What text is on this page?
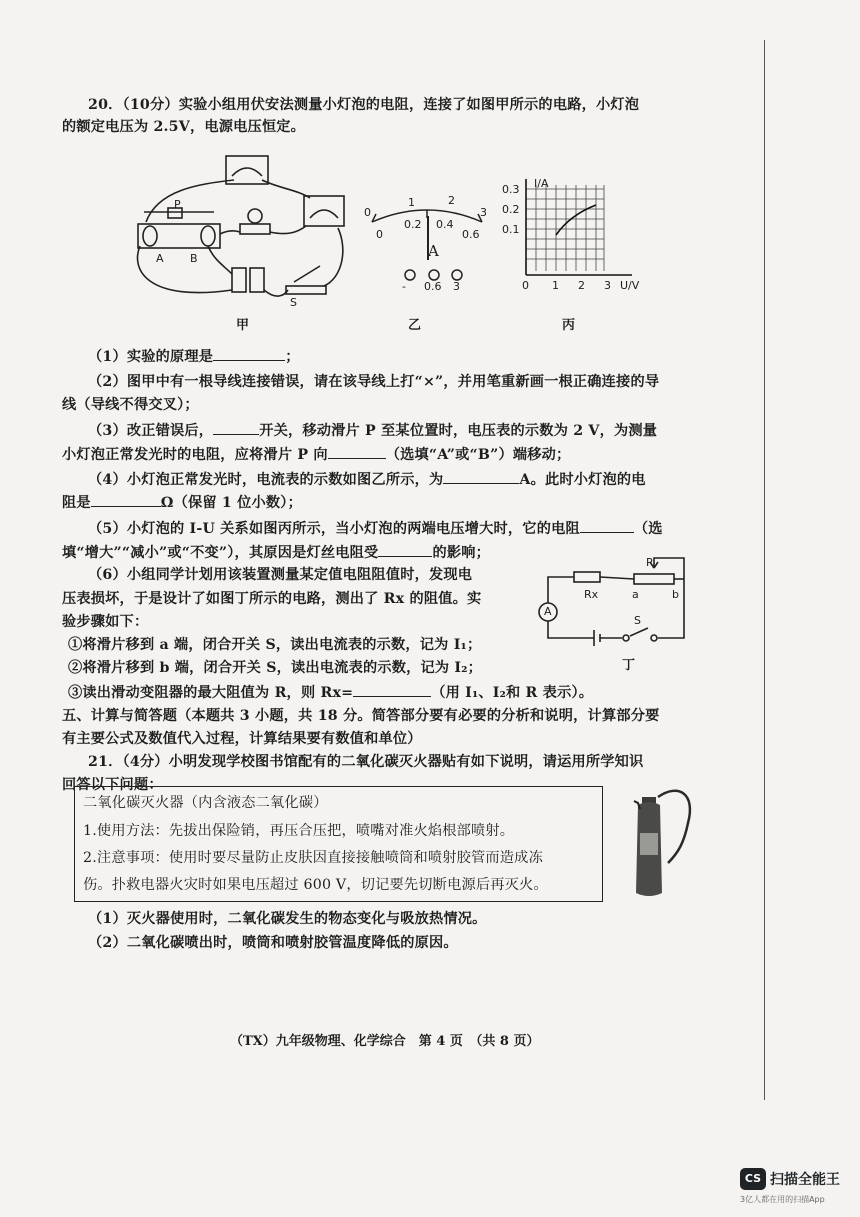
20．（10分）实验小组用伏安法测量小灯泡的电阻，连接了如图甲所示的电路，小灯泡
的额定电压为 2.5V，电源电压恒定。
P
A B
S
甲
0
1	2
3
0
0.2 0.4
0.6
A
- 0.6 3
乙
I/A
0.3
0.2
0.1
0 1 2 3 U/V
丙
（1）实验的原理是	；
（2）图甲中有一根导线连接错误，请在该导线上打“×”，并用笔重新画一根正确连接的导
线（导线不得交叉）；
（3）改正错误后，	开关，移动滑片 P 至某位置时，电压表的示数为 2 V，为测量
小灯泡正常发光时的电阻，应将滑片 P 向	（选填“A”或“B”）端移动；
（4）小灯泡正常发光时，电流表的示数如图乙所示，为	A。此时小灯泡的电
阻是	Ω（保留 1 位小数）；
（5）小灯泡的 I-U 关系如图丙所示，当小灯泡的两端电压增大时，它的电阻	（选
填“增大”“减小”或“不变”），其原因是灯丝电阻受	的影响；
（6）小组同学计划用该装置测量某定值电阻阻值时，发现电
压表损坏，于是设计了如图丁所示的电路，测出了 Rx 的阻值。实
验步骤如下：
①将滑片移到 a 端，闭合开关 S，读出电流表的示数，记为 I₁；
②将滑片移到 b 端，闭合开关 S，读出电流表的示数，记为 I₂；
③读出滑动变阻器的最大阻值为 R，则 Rx=	（用 I₁、I₂和 R 表示）。
P
Rx	a	b
A
S
丁
五、计算与简答题（本题共 3 小题，共 18 分。简答部分要有必要的分析和说明，计算部分要
有主要公式及数值代入过程，计算结果要有数值和单位）
21．（4分）小明发现学校图书馆配有的二氧化碳灭火器贴有如下说明，请运用所学知识
回答以下问题：
二氧化碳灭火器（内含液态二氧化碳）
1.使用方法：先拔出保险销，再压合压把，喷嘴对准火焰根部喷射。
2.注意事项：使用时要尽量防止皮肤因直接接触喷筒和喷射胶管而造成冻
伤。扑救电器火灾时如果电压超过 600 V，切记要先切断电源后再灭火。
（1）灭火器使用时，二氧化碳发生的物态变化与吸放热情况。
（2）二氧化碳喷出时，喷筒和喷射胶管温度降低的原因。
（TX）九年级物理、化学综合　第 4 页　（共 8 页）
CS 扫描全能王
3亿人都在用的扫描App
